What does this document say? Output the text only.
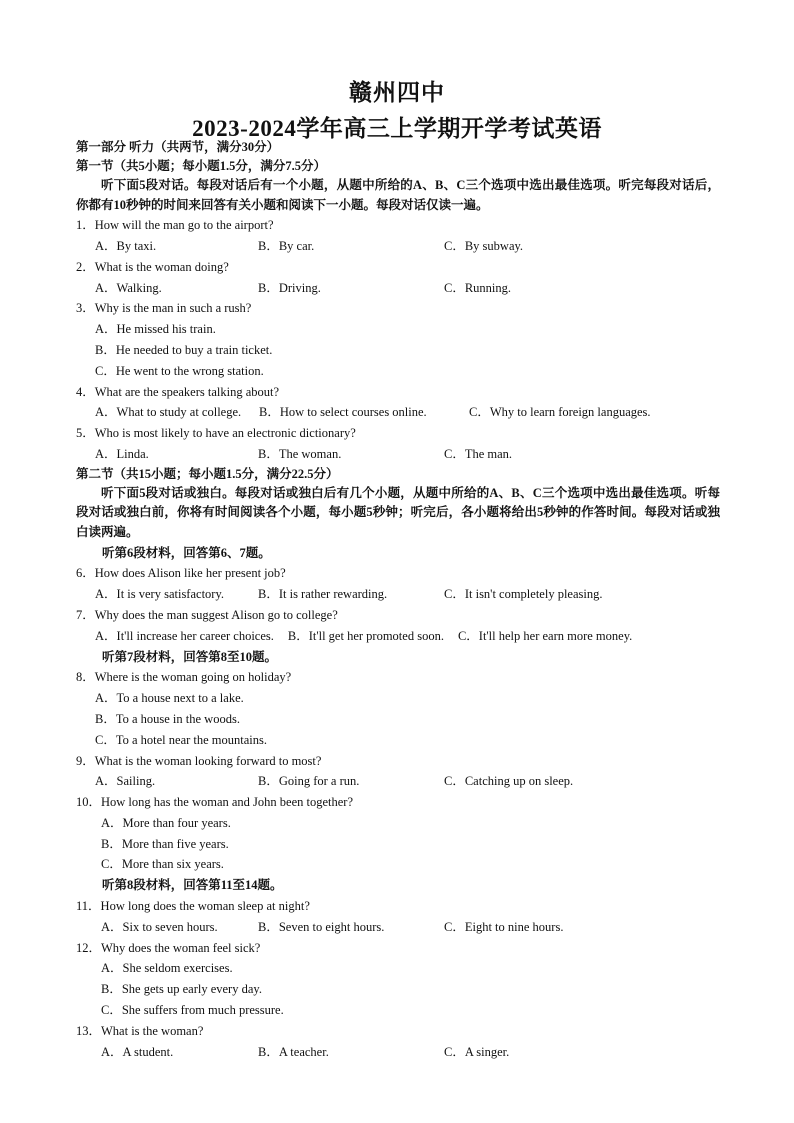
赣州四中
2023-2024学年高三上学期开学考试英语
第一部分 听力（共两节，满分30分）
第一节（共5小题；每小题1.5分，满分7.5分）

听下面5段对话。每段对话后有一个小题，从题中所给的A、B、C三个选项中选出最佳选项。听完每段对话后，你都有10秒钟的时间来回答有关小题和阅读下一小题。每段对话仅读一遍。

1．How will the man go to the airport?
A．By taxi.	B．By car.	C．By subway.
2．What is the woman doing?
A．Walking.	B．Driving.	C．Running.
3．Why is the man in such a rush?
A．He missed his train.
B．He needed to buy a train ticket.
C．He went to the wrong station.
4．What are the speakers talking about?
A．What to study at college.	B．How to select courses online.	C．Why to learn foreign languages.
5．Who is most likely to have an electronic dictionary?
A．Linda.	B．The woman.	C．The man.
第二节（共15小题；每小题1.5分，满分22.5分）

听下面5段对话或独白。每段对话或独白后有几个小题，从题中所给的A、B、C三个选项中选出最佳选项。听每段对话或独白前，你将有时间阅读各个小题，每小题5秒钟；听完后，各小题将给出5秒钟的作答时间。每段对话或独白读两遍。

听第6段材料，回答第6、7题。
6．How does Alison like her present job?
A．It is very satisfactory.	B．It is rather rewarding.	C．It isn't completely pleasing.
7．Why does the man suggest Alison go to college?
A．It'll increase her career choices. B．It'll get her promoted soon. C．It'll help her earn more money.
听第7段材料，回答第8至10题。
8．Where is the woman going on holiday?
A．To a house next to a lake.
B．To a house in the woods.
C．To a hotel near the mountains.
9．What is the woman looking forward to most?
A．Sailing.	B．Going for a run.	C．Catching up on sleep.
10．How long has the woman and John been together?
A．More than four years.
B．More than five years.
C．More than six years.
听第8段材料，回答第11至14题。
11．How long does the woman sleep at night?
A．Six to seven hours.	B．Seven to eight hours.	C．Eight to nine hours.
12．Why does the woman feel sick?
A．She seldom exercises.
B．She gets up early every day.
C．She suffers from much pressure.
13．What is the woman?
A．A student.	B．A teacher.	C．A singer.
